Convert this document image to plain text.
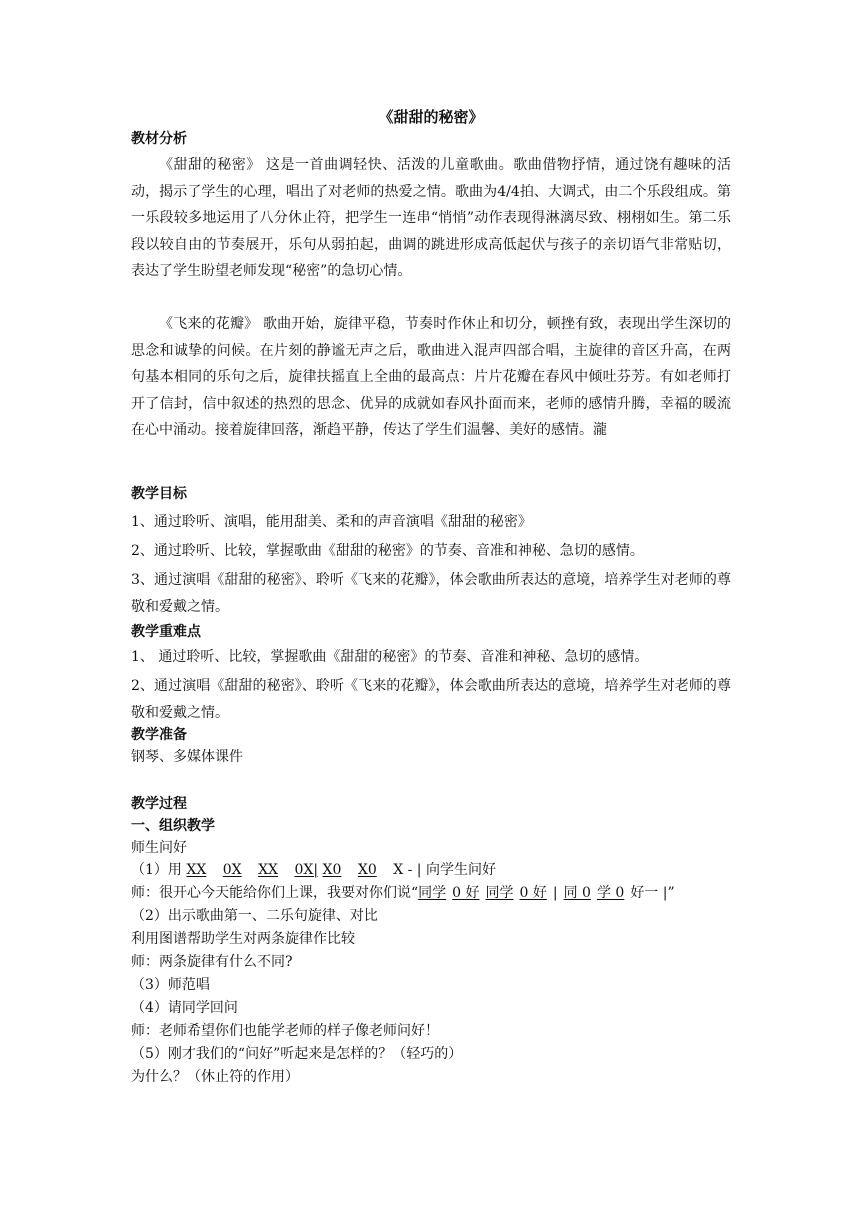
《甜甜的秘密》
教材分析
《甜甜的秘密》 这是一首曲调轻快、活泼的儿童歌曲。歌曲借物抒情，通过饶有趣味的活动，揭示了学生的心理，唱出了对老师的热爱之情。歌曲为4/4拍、大调式，由二个乐段组成。第一乐段较多地运用了八分休止符，把学生一连串“悄悄”动作表现得淋漓尽致、栩栩如生。第二乐段以较自由的节奏展开，乐句从弱拍起，曲调的跳进形成高低起伏与孩子的亲切语气非常贴切，表达了学生盼望老师发现“秘密”的急切心情。
《飞来的花瓣》 歌曲开始，旋律平稳，节奏时作休止和切分，顿挫有致，表现出学生深切的思念和诚挚的问候。在片刻的静谧无声之后，歌曲进入混声四部合唱，主旋律的音区升高，在两句基本相同的乐句之后，旋律扶摇直上全曲的最高点：片片花瓣在春风中倾吐芬芳。有如老师打开了信封，信中叙述的热烈的思念、优异的成就如春风扑面而来，老师的感情升腾，幸福的暖流在心中涌动。接着旋律回落，渐趋平静，传达了学生们温馨、美好的感情。瀧
教学目标
1、通过聆听、演唱，能用甜美、柔和的声音演唱《甜甜的秘密》
2、通过聆听、比较，掌握歌曲《甜甜的秘密》的节奏、音准和神秘、急切的感情。
3、通过演唱《甜甜的秘密》、聆听《飞来的花瓣》，体会歌曲所表达的意境，培养学生对老师的尊敬和爱戴之情。
教学重难点
1、 通过聆听、比较，掌握歌曲《甜甜的秘密》的节奏、音准和神秘、急切的感情。
2、通过演唱《甜甜的秘密》、聆听《飞来的花瓣》，体会歌曲所表达的意境，培养学生对老师的尊敬和爱戴之情。
教学准备
钢琴、多媒体课件
教学过程
一、组织教学
师生问好
（1）用 XX 0X XX 0X| X0 X0 X - | 向学生问好
师：很开心今天能给你们上课，我要对你们说“同学 0 好 同学 0 好 | 同 0 学 0 好一 |”
（2）出示歌曲第一、二乐句旋律、对比
利用图谱帮助学生对两条旋律作比较
师：两条旋律有什么不同?
（3）师范唱
（4）请同学回问
师：老师希望你们也能学老师的样子像老师问好！
（5）刚才我们的“问好”听起来是怎样的？（轻巧的）
为什么？（休止符的作用）
